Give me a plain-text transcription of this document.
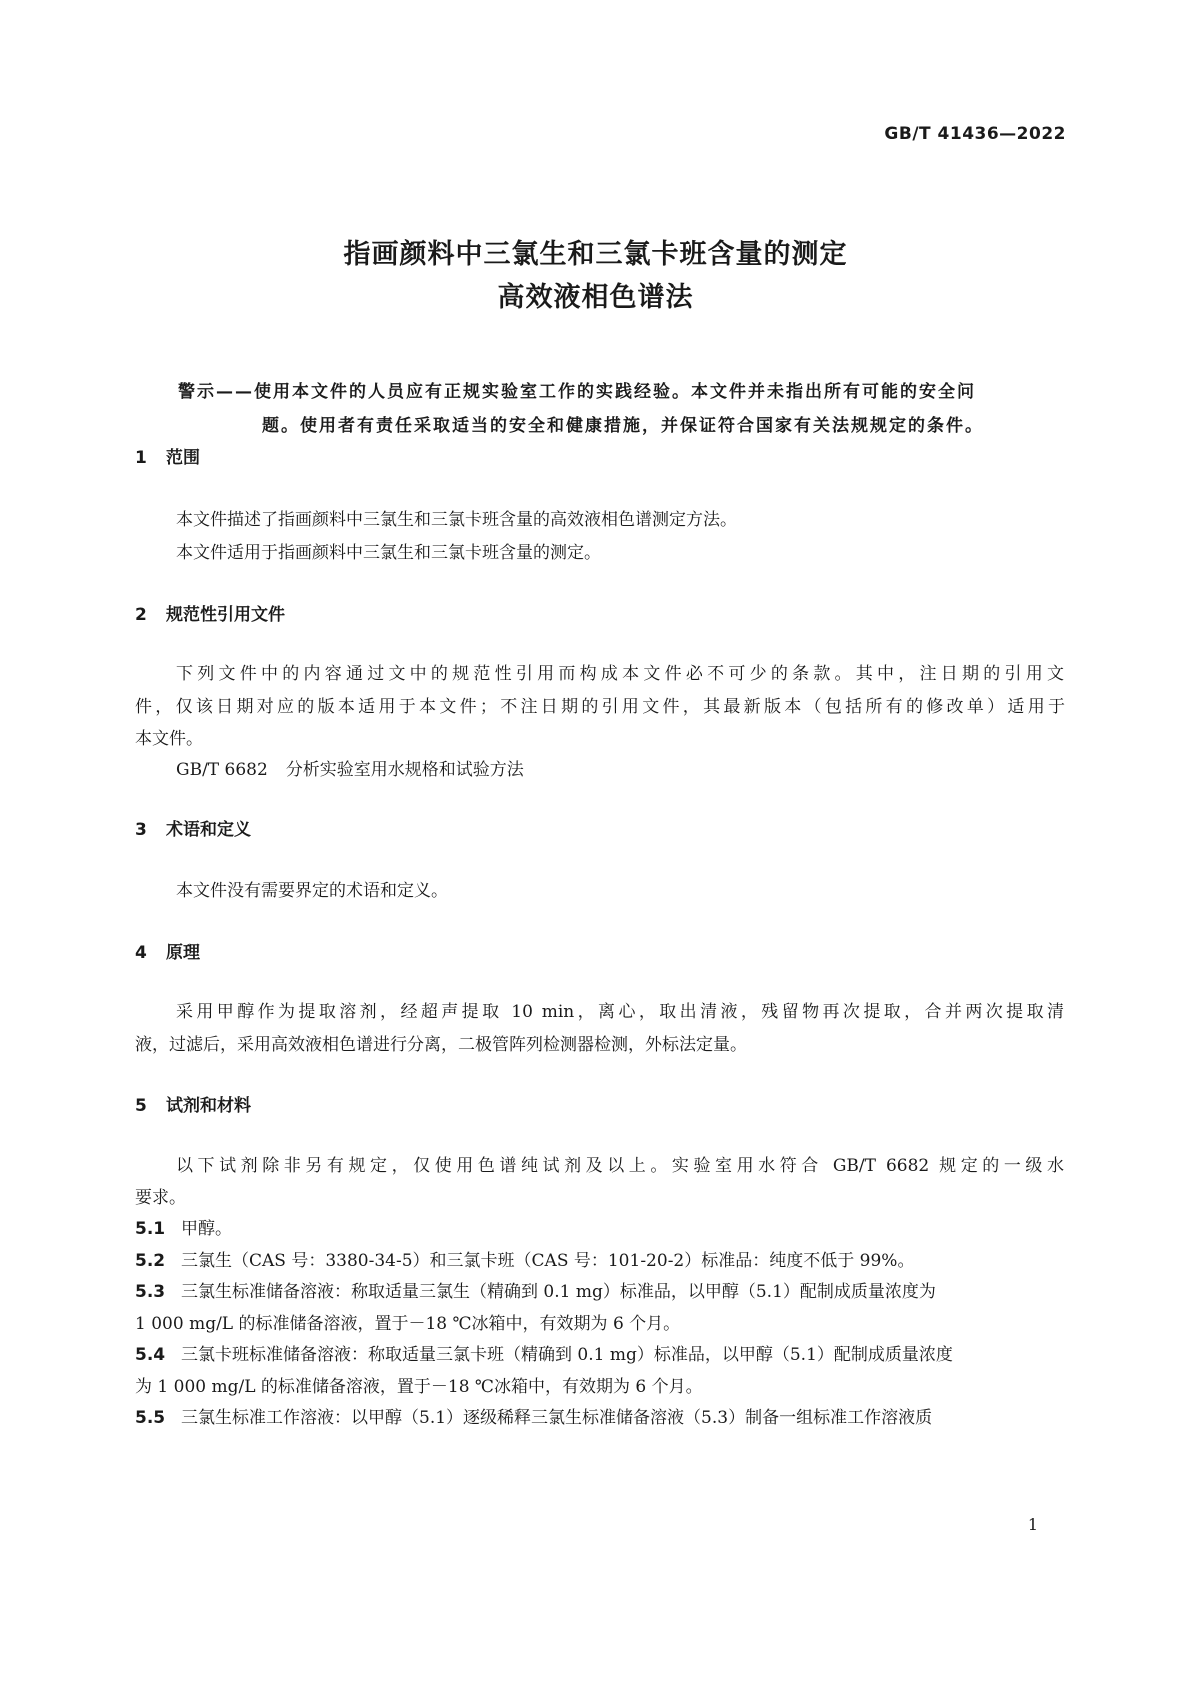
GB/T 41436—2022
指画颜料中三氯生和三氯卡班含量的测定
高效液相色谱法
警示——使用本文件的人员应有正规实验室工作的实践经验。本文件并未指出所有可能的安全问
题。使用者有责任采取适当的安全和健康措施，并保证符合国家有关法规规定的条件。
1 范围
本文件描述了指画颜料中三氯生和三氯卡班含量的高效液相色谱测定方法。
本文件适用于指画颜料中三氯生和三氯卡班含量的测定。
2 规范性引用文件
下列文件中的内容通过文中的规范性引用而构成本文件必不可少的条款。其中，注日期的引用文
件，仅该日期对应的版本适用于本文件；不注日期的引用文件，其最新版本（包括所有的修改单）适用于
本文件。
GB/T 6682 分析实验室用水规格和试验方法
3 术语和定义
本文件没有需要界定的术语和定义。
4 原理
采用甲醇作为提取溶剂，经超声提取 10 min，离心，取出清液，残留物再次提取，合并两次提取清
液，过滤后，采用高效液相色谱进行分离，二极管阵列检测器检测，外标法定量。
5 试剂和材料
以下试剂除非另有规定，仅使用色谱纯试剂及以上。实验室用水符合 GB/T 6682 规定的一级水
要求。
5.1 甲醇。
5.2 三氯生（CAS 号：3380-34-5）和三氯卡班（CAS 号：101-20-2）标准品：纯度不低于 99%。
5.3 三氯生标准储备溶液：称取适量三氯生（精确到 0.1 mg）标准品，以甲醇（5.1）配制成质量浓度为
1 000 mg/L 的标准储备溶液，置于－18 ℃冰箱中，有效期为 6 个月。
5.4 三氯卡班标准储备溶液：称取适量三氯卡班（精确到 0.1 mg）标准品，以甲醇（5.1）配制成质量浓度
为 1 000 mg/L 的标准储备溶液，置于－18 ℃冰箱中，有效期为 6 个月。
5.5 三氯生标准工作溶液：以甲醇（5.1）逐级稀释三氯生标准储备溶液（5.3）制备一组标准工作溶液质
1
